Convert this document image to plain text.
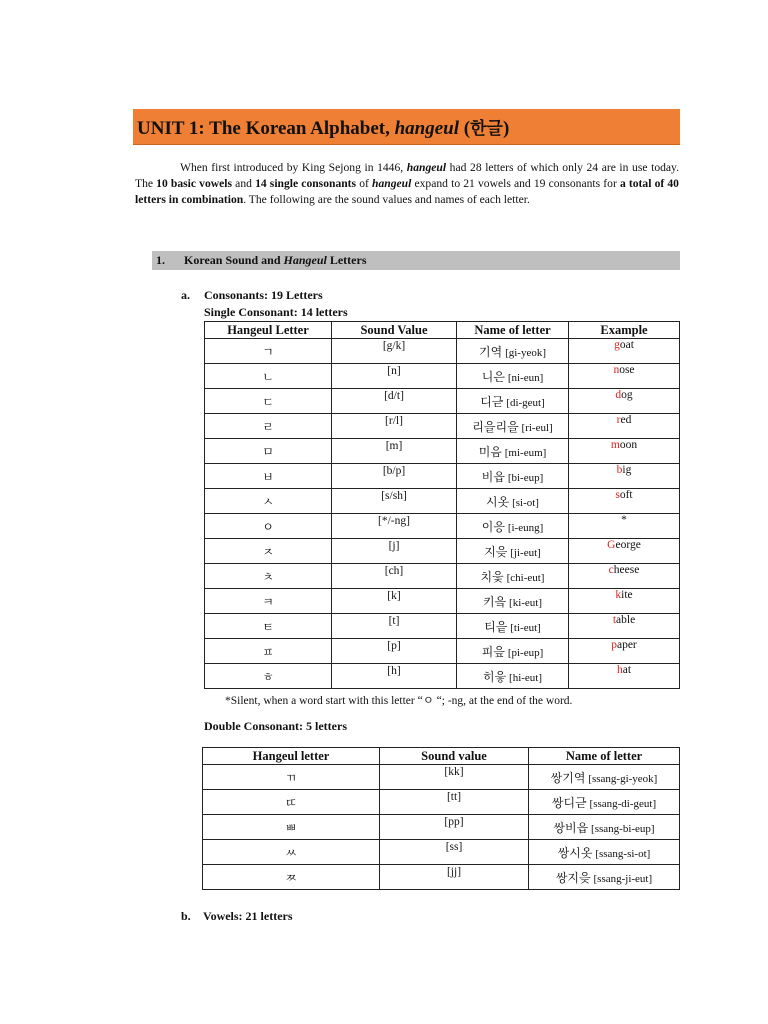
UNIT 1: The Korean Alphabet, hangeul (한글)
When first introduced by King Sejong in 1446, hangeul had 28 letters of which only 24 are in use today. The 10 basic vowels and 14 single consonants of hangeul expand to 21 vowels and 19 consonants for a total of 40 letters in combination. The following are the sound values and names of each letter.
1.	Korean Sound and Hangeul Letters
a. Consonants: 19 Letters
Single Consonant: 14 letters
Hangeul Letter	Sound Value	Name of letter	Example
ㄱ	[g/k]	기역 [gi-yeok]	goat
ㄴ	[n]	니은 [ni-eun]	nose
ㄷ	[d/t]	디귿 [di-geut]	dog
ㄹ	[r/l]	리을리을 [ri-eul]	red
ㅁ	[m]	미음 [mi-eum]	moon
ㅂ	[b/p]	비읍 [bi-eup]	big
ㅅ	[s/sh]	시옷 [si-ot]	soft
ㅇ	[*/-ng]	이응 [i-eung]	*
ㅈ	[j]	지읒 [ji-eut]	George
ㅊ	[ch]	치읓 [chi-eut]	cheese
ㅋ	[k]	키읔 [ki-eut]	kite
ㅌ	[t]	티읕 [ti-eut]	table
ㅍ	[p]	피읖 [pi-eup]	paper
ㅎ	[h]	히읗 [hi-eut]	hat
*Silent, when a word start with this letter “ㅇ “; -ng, at the end of the word.
Double Consonant: 5 letters
Hangeul letter	Sound value	Name of letter
ㄲ	[kk]	쌍기역 [ssang-gi-yeok]
ㄸ	[tt]	쌍디귿 [ssang-di-geut]
ㅃ	[pp]	쌍비읍 [ssang-bi-eup]
ㅆ	[ss]	쌍시옷 [ssang-si-ot]
ㅉ	[jj]	쌍지읒 [ssang-ji-eut]
b. Vowels: 21 letters
